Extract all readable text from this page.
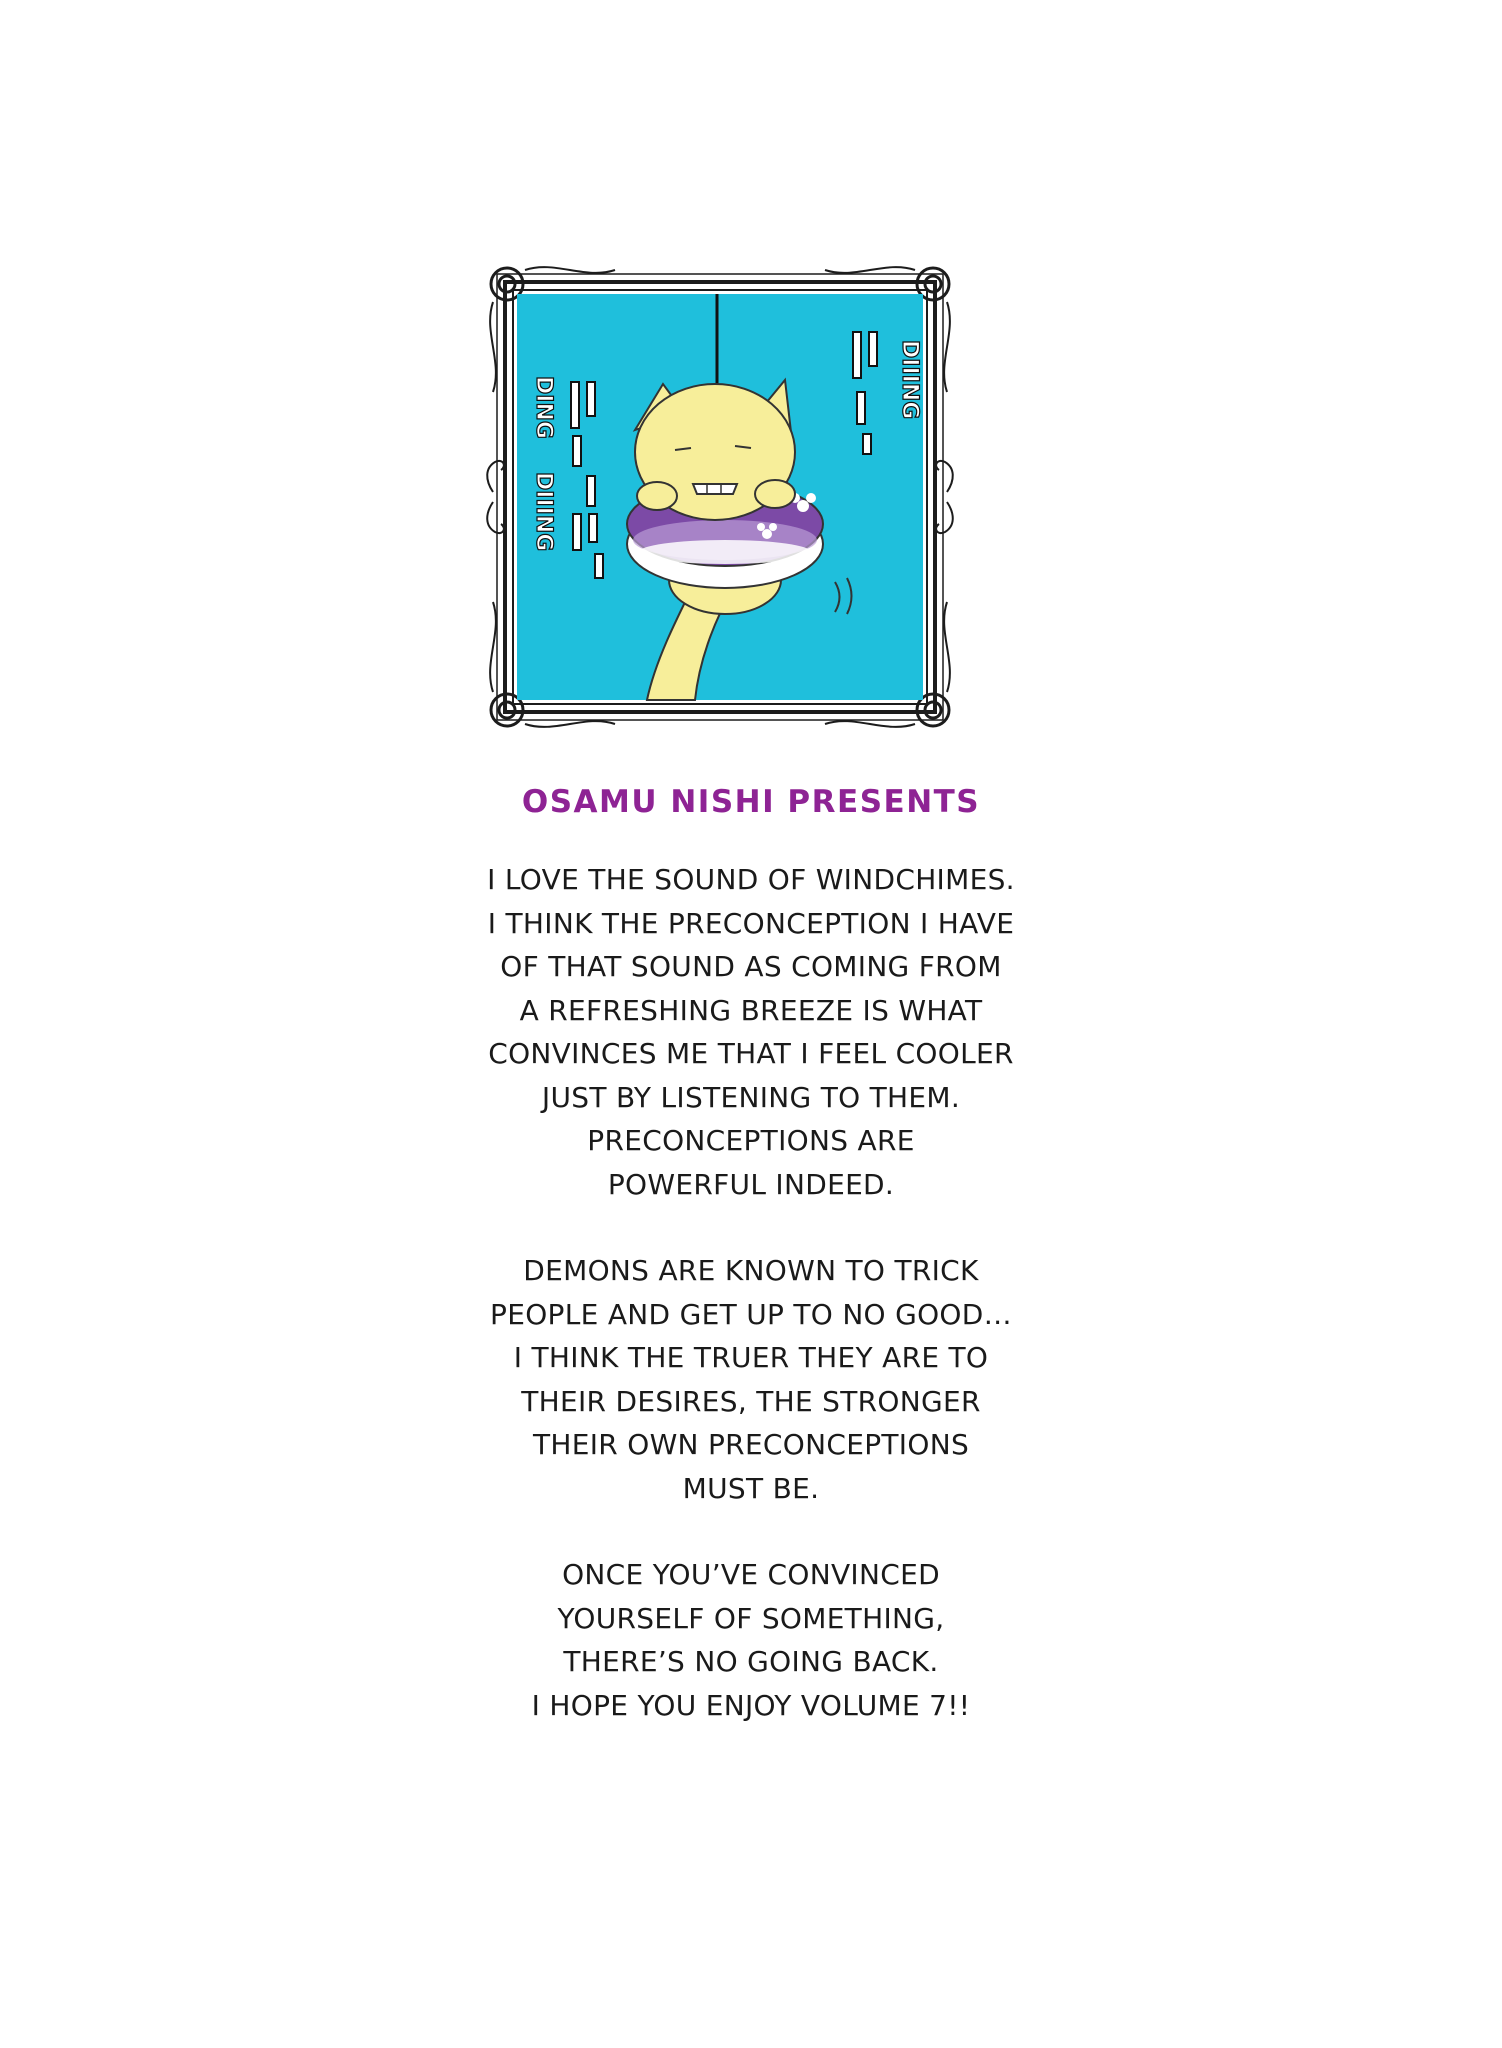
DIIING
DING
DIIING
OSAMU NISHI PRESENTS
I LOVE THE SOUND OF WINDCHIMES.
I THINK THE PRECONCEPTION I HAVE
OF THAT SOUND AS COMING FROM
A REFRESHING BREEZE IS WHAT
CONVINCES ME THAT I FEEL COOLER
JUST BY LISTENING TO THEM.
PRECONCEPTIONS ARE
POWERFUL INDEED.
DEMONS ARE KNOWN TO TRICK
PEOPLE AND GET UP TO NO GOOD…
I THINK THE TRUER THEY ARE TO
THEIR DESIRES, THE STRONGER
THEIR OWN PRECONCEPTIONS
MUST BE.
ONCE YOU’VE CONVINCED
YOURSELF OF SOMETHING,
THERE’S NO GOING BACK.
I HOPE YOU ENJOY VOLUME 7!!
